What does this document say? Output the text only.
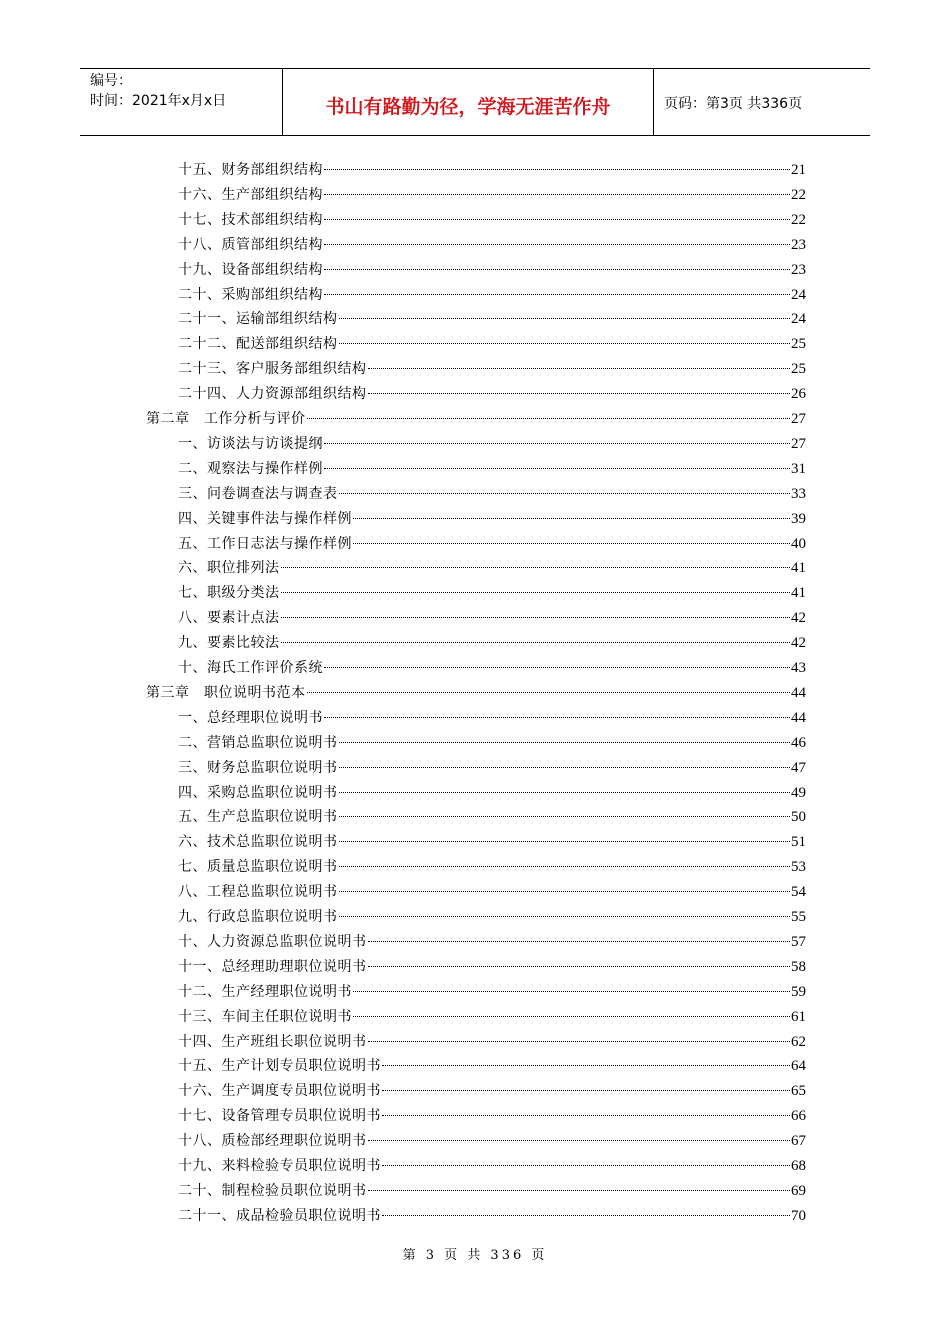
编号：
时间：2021年x月x日	书山有路勤为径，学海无涯苦作舟	页码：第3页 共336页
十五、财务部组织结构	21
十六、生产部组织结构	22
十七、技术部组织结构	22
十八、质管部组织结构	23
十九、设备部组织结构	23
二十、采购部组织结构	24
二十一、运输部组织结构	24
二十二、配送部组织结构	25
二十三、客户服务部组织结构	25
二十四、人力资源部组织结构	26
第二章　工作分析与评价	27
一、访谈法与访谈提纲	27
二、观察法与操作样例	31
三、问卷调查法与调查表	33
四、关键事件法与操作样例	39
五、工作日志法与操作样例	40
六、职位排列法	41
七、职级分类法	41
八、要素计点法	42
九、要素比较法	42
十、海氏工作评价系统	43
第三章　职位说明书范本	44
一、总经理职位说明书	44
二、营销总监职位说明书	46
三、财务总监职位说明书	47
四、采购总监职位说明书	49
五、生产总监职位说明书	50
六、技术总监职位说明书	51
七、质量总监职位说明书	53
八、工程总监职位说明书	54
九、行政总监职位说明书	55
十、人力资源总监职位说明书	57
十一、总经理助理职位说明书	58
十二、生产经理职位说明书	59
十三、车间主任职位说明书	61
十四、生产班组长职位说明书	62
十五、生产计划专员职位说明书	64
十六、生产调度专员职位说明书	65
十七、设备管理专员职位说明书	66
十八、质检部经理职位说明书	67
十九、来料检验专员职位说明书	68
二十、制程检验员职位说明书	69
二十一、成品检验员职位说明书	70
第 3 页 共 336 页
